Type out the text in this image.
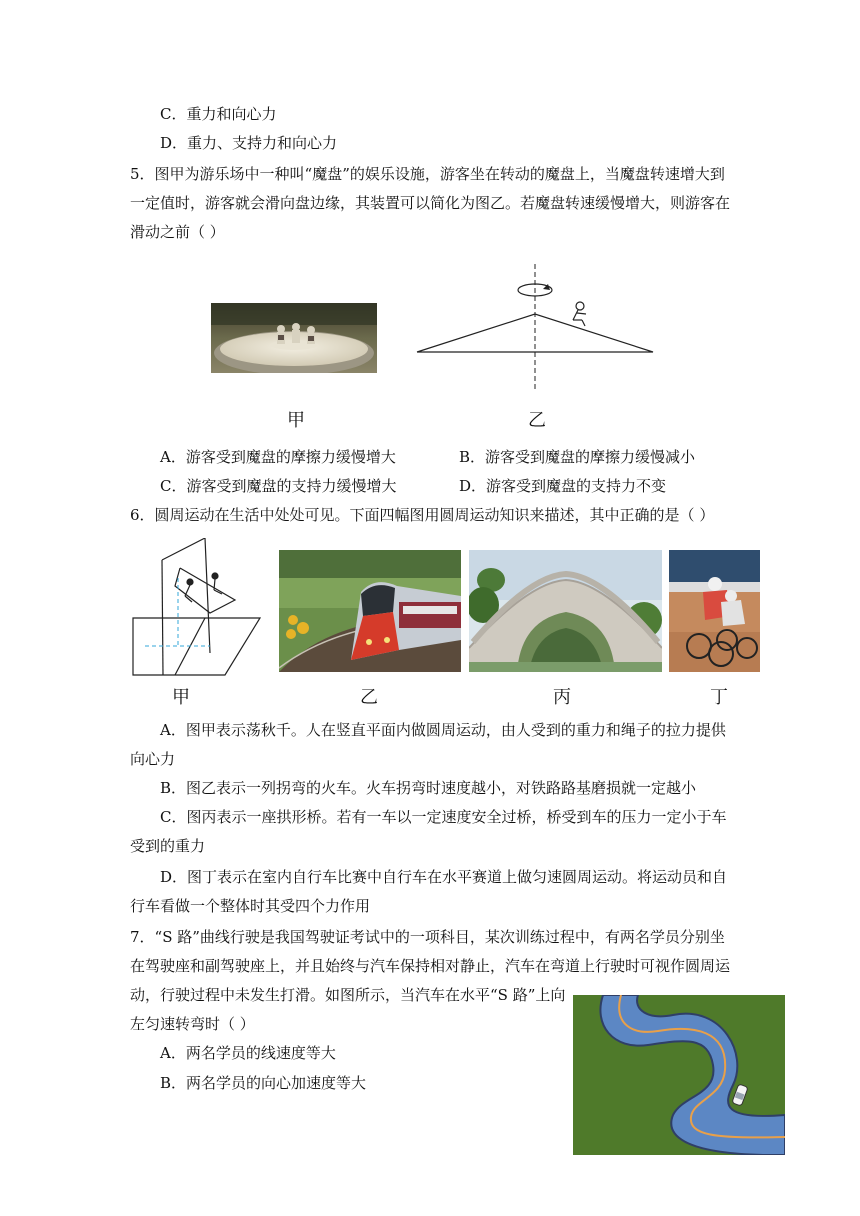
C．重力和向心力
D．重力、支持力和向心力
5．图甲为游乐场中一种叫“魔盘”的娱乐设施，游客坐在转动的魔盘上，当魔盘转速增大到
一定值时，游客就会滑向盘边缘，其装置可以简化为图乙。若魔盘转速缓慢增大，则游客在
滑动之前（ ）
甲	乙
A．游客受到魔盘的摩擦力缓慢增大	B．游客受到魔盘的摩擦力缓慢减小
C．游客受到魔盘的支持力缓慢增大	D．游客受到魔盘的支持力不变
6．圆周运动在生活中处处可见。下面四幅图用圆周运动知识来描述，其中正确的是（ ）
甲	乙	丙	丁
A．图甲表示荡秋千。人在竖直平面内做圆周运动，由人受到的重力和绳子的拉力提供
向心力
B．图乙表示一列拐弯的火车。火车拐弯时速度越小，对铁路路基磨损就一定越小
C．图丙表示一座拱形桥。若有一车以一定速度安全过桥，桥受到车的压力一定小于车
受到的重力
D．图丁表示在室内自行车比赛中自行车在水平赛道上做匀速圆周运动。将运动员和自
行车看做一个整体时其受四个力作用
7．“S 路”曲线行驶是我国驾驶证考试中的一项科目，某次训练过程中，有两名学员分别坐
在驾驶座和副驾驶座上，并且始终与汽车保持相对静止，汽车在弯道上行驶时可视作圆周运
动，行驶过程中未发生打滑。如图所示，当汽车在水平“S 路”上向
左匀速转弯时（ ）
A．两名学员的线速度等大
B．两名学员的向心加速度等大
